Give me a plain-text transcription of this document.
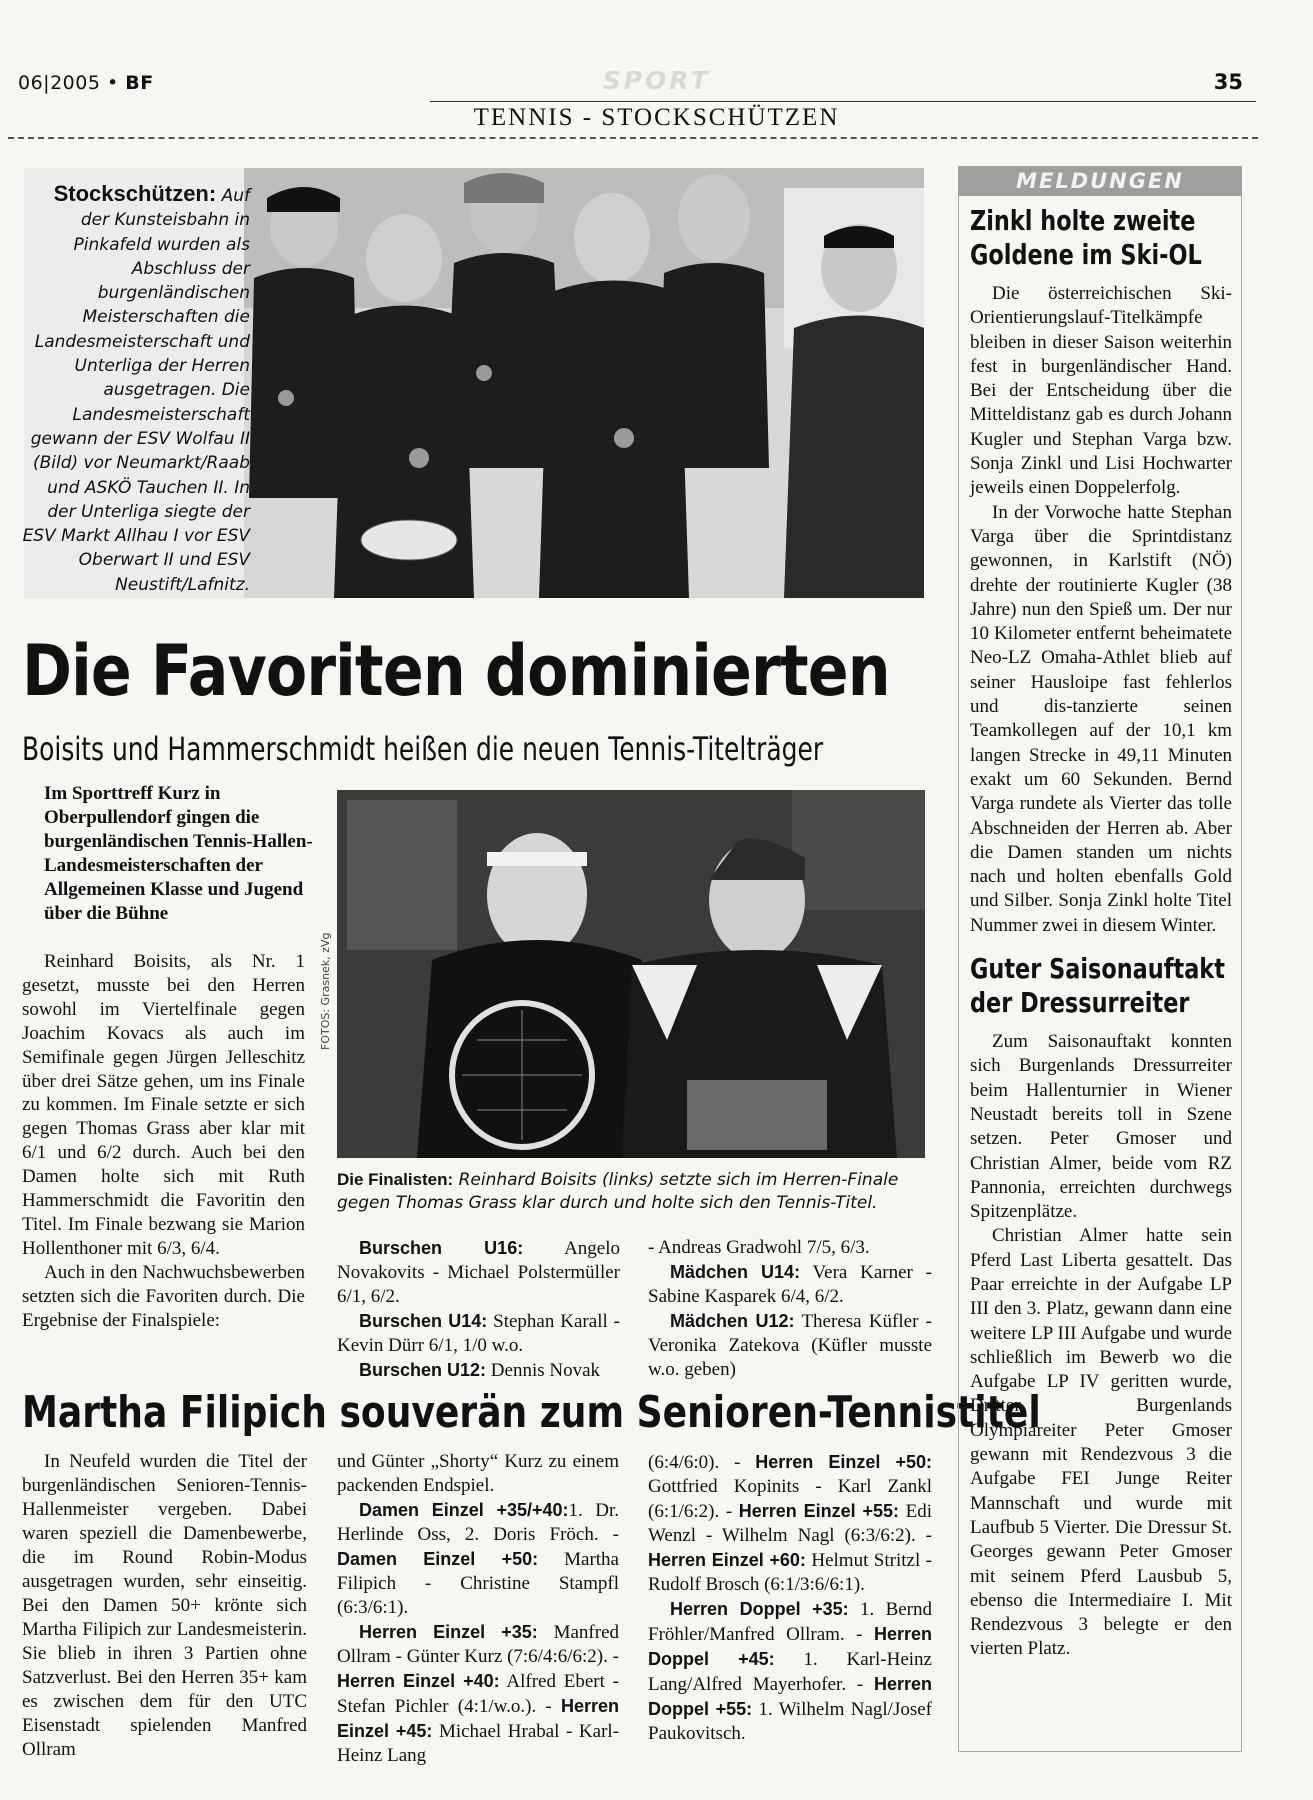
06|2005 • BF	SPORT	35
TENNIS - STOCKSCHÜTZEN
Stockschützen: Auf der Kunsteisbahn in Pinkafeld wurden als Abschluss der burgenländischen Meisterschaften die Landesmeisterschaft und Unterliga der Herren ausgetragen. Die Landesmeisterschaft gewann der ESV Wolfau II (Bild) vor Neumarkt/Raab und ASKÖ Tauchen II. In der Unterliga siegte der ESV Markt Allhau I vor ESV Oberwart II und ESV Neustift/Lafnitz.
Die Favoriten dominierten
Boisits und Hammerschmidt heißen die neuen Tennis-Titelträger
Im Sporttreff Kurz in Oberpullendorf gingen die burgenländischen Tennis-Hallen-Landesmeisterschaften der Allgemeinen Klasse und Jugend über die Bühne

Reinhard Boisits, als Nr. 1 gesetzt, musste bei den Herren sowohl im Viertelfinale gegen Joachim Kovacs als auch im Semifinale gegen Jürgen Jelleschitz über drei Sätze gehen, um ins Finale zu kommen. Im Finale setzte er sich gegen Thomas Grass aber klar mit 6/1 und 6/2 durch. Auch bei den Damen holte sich mit Ruth Hammerschmidt die Favoritin den Titel. Im Finale bezwang sie Marion Hollenthoner mit 6/3, 6/4.

Auch in den Nachwuchsbewerben setzten sich die Favoriten durch. Die Ergebnise der Finalspiele:

FOTOS: Grasnek, zVg
Die Finalisten: Reinhard Boisits (links) setzte sich im Herren-Finale gegen Thomas Grass klar durch und holte sich den Tennis-Titel.

Burschen U16: Angelo Novakovits - Michael Polstermüller 6/1, 6/2.

Burschen U14: Stephan Karall - Kevin Dürr 6/1, 1/0 w.o.

Burschen U12: Dennis Novak

- Andreas Gradwohl 7/5, 6/3.

Mädchen U14: Vera Karner - Sabine Kasparek 6/4, 6/2.

Mädchen U12: Theresa Küfler - Veronika Zatekova (Küfler musste w.o. geben)

Martha Filipich souverän zum Senioren-Tennistitel

In Neufeld wurden die Titel der burgenländischen Senioren-Tennis-Hallenmeister vergeben. Dabei waren speziell die Damenbewerbe, die im Round Robin-Modus ausgetragen wurden, sehr einseitig. Bei den Damen 50+ krönte sich Martha Filipich zur Landesmeisterin. Sie blieb in ihren 3 Partien ohne Satzverlust. Bei den Herren 35+ kam es zwischen dem für den UTC Eisenstadt spielenden Manfred Ollram

und Günter „Shorty“ Kurz zu einem packenden Endspiel.

Damen Einzel +35/+40:1. Dr. Herlinde Oss, 2. Doris Fröch. - Damen Einzel +50: Martha Filipich - Christine Stampfl (6:3/6:1).

Herren Einzel +35: Manfred Ollram - Günter Kurz (7:6/4:6/6:2). - Herren Einzel +40: Alfred Ebert - Stefan Pichler (4:1/w.o.). - Herren Einzel +45: Michael Hrabal - Karl-Heinz Lang

(6:4/6:0). - Herren Einzel +50: Gottfried Kopinits - Karl Zankl (6:1/6:2). - Herren Einzel +55: Edi Wenzl - Wilhelm Nagl (6:3/6:2). - Herren Einzel +60: Helmut Stritzl - Rudolf Brosch (6:1/3:6/6:1).

Herren Doppel +35: 1. Bernd Fröhler/Manfred Ollram. - Herren Doppel +45: 1. Karl-Heinz Lang/Alfred Mayerhofer. - Herren Doppel +55: 1. Wilhelm Nagl/Josef Paukovitsch.

MELDUNGEN
Zinkl holte zweite
Goldene im Ski-OL

Die österreichischen Ski-Orientierungslauf-Titelkämpfe bleiben in dieser Saison weiterhin fest in burgenländischer Hand. Bei der Entscheidung über die Mitteldistanz gab es durch Johann Kugler und Stephan Varga bzw. Sonja Zinkl und Lisi Hochwarter jeweils einen Doppelerfolg.

In der Vorwoche hatte Stephan Varga über die Sprintdistanz gewonnen, in Karlstift (NÖ) drehte der routinierte Kugler (38 Jahre) nun den Spieß um. Der nur 10 Kilometer entfernt beheimatete Neo-LZ Omaha-Athlet blieb auf seiner Hausloipe fast fehlerlos und dis-tanzierte seinen Teamkollegen auf der 10,1 km langen Strecke in 49,11 Minuten exakt um 60 Sekunden. Bernd Varga rundete als Vierter das tolle Abschneiden der Herren ab. Aber die Damen standen um nichts nach und holten ebenfalls Gold und Silber. Sonja Zinkl holte Titel Nummer zwei in diesem Winter.

Guter Saisonauftakt
der Dressurreiter

Zum Saisonauftakt konnten sich Burgenlands Dressurreiter beim Hallenturnier in Wiener Neustadt bereits toll in Szene setzen. Peter Gmoser und Christian Almer, beide vom RZ Pannonia, erreichten durchwegs Spitzenplätze.

Christian Almer hatte sein Pferd Last Liberta gesattelt. Das Paar erreichte in der Aufgabe LP III den 3. Platz, gewann dann eine weitere LP III Aufgabe und wurde schließlich im Bewerb wo die Aufgabe LP IV geritten wurde, Dritter. Burgenlands Olympiareiter Peter Gmoser gewann mit Rendezvous 3 die Aufgabe FEI Junge Reiter Mannschaft und wurde mit Laufbub 5 Vierter. Die Dressur St. Georges gewann Peter Gmoser mit seinem Pferd Lausbub 5, ebenso die Intermediaire I. Mit Rendezvous 3 belegte er den vierten Platz.
